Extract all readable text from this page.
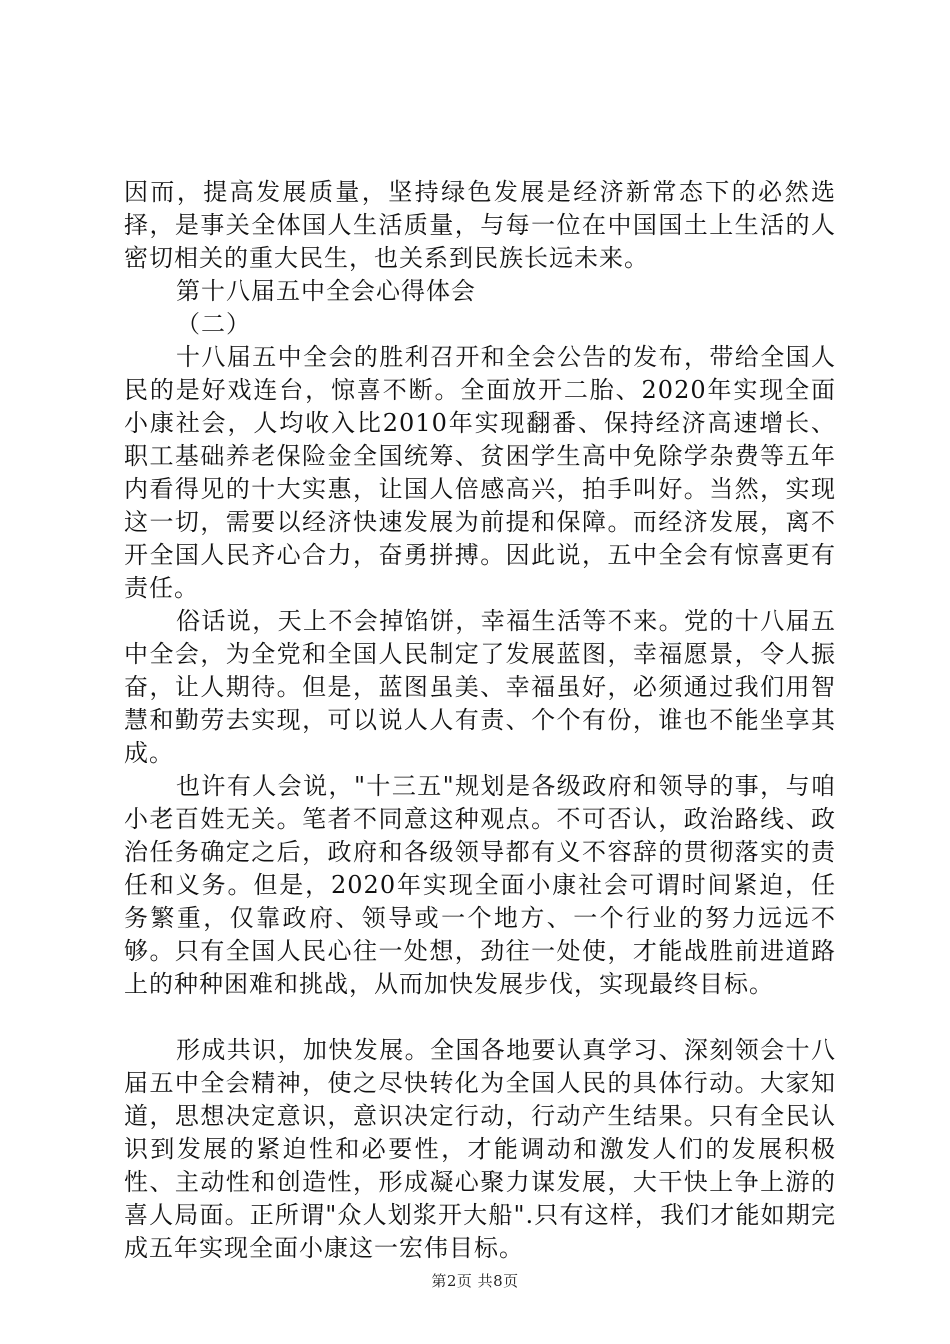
因而，提高发展质量，坚持绿色发展是经济新常态下的必然选择，是事关全体国人生活质量，与每一位在中国国土上生活的人密切相关的重大民生，也关系到民族长远未来。

第十八届五中全会心得体会

（二）

十八届五中全会的胜利召开和全会公告的发布，带给全国人民的是好戏连台，惊喜不断。全面放开二胎、2020年实现全面小康社会，人均收入比2010年实现翻番、保持经济高速增长、职工基础养老保险金全国统筹、贫困学生高中免除学杂费等五年内看得见的十大实惠，让国人倍感高兴，拍手叫好。当然，实现这一切，需要以经济快速发展为前提和保障。而经济发展，离不开全国人民齐心合力，奋勇拼搏。因此说，五中全会有惊喜更有责任。

俗话说，天上不会掉馅饼，幸福生活等不来。党的十八届五中全会，为全党和全国人民制定了发展蓝图，幸福愿景，令人振奋，让人期待。但是，蓝图虽美、幸福虽好，必须通过我们用智慧和勤劳去实现，可以说人人有责、个个有份，谁也不能坐享其成。

也许有人会说，"十三五"规划是各级政府和领导的事，与咱小老百姓无关。笔者不同意这种观点。不可否认，政治路线、政治任务确定之后，政府和各级领导都有义不容辞的贯彻落实的责任和义务。但是，2020年实现全面小康社会可谓时间紧迫，任务繁重，仅靠政府、领导或一个地方、一个行业的努力远远不够。只有全国人民心往一处想，劲往一处使，才能战胜前进道路上的种种困难和挑战，从而加快发展步伐，实现最终目标。

形成共识，加快发展。全国各地要认真学习、深刻领会十八届五中全会精神，使之尽快转化为全国人民的具体行动。大家知道，思想决定意识，意识决定行动，行动产生结果。只有全民认识到发展的紧迫性和必要性，才能调动和激发人们的发展积极性、主动性和创造性，形成凝心聚力谋发展，大干快上争上游的喜人局面。正所谓"众人划浆开大船".只有这样，我们才能如期完成五年实现全面小康这一宏伟目标。

第2页 共8页
